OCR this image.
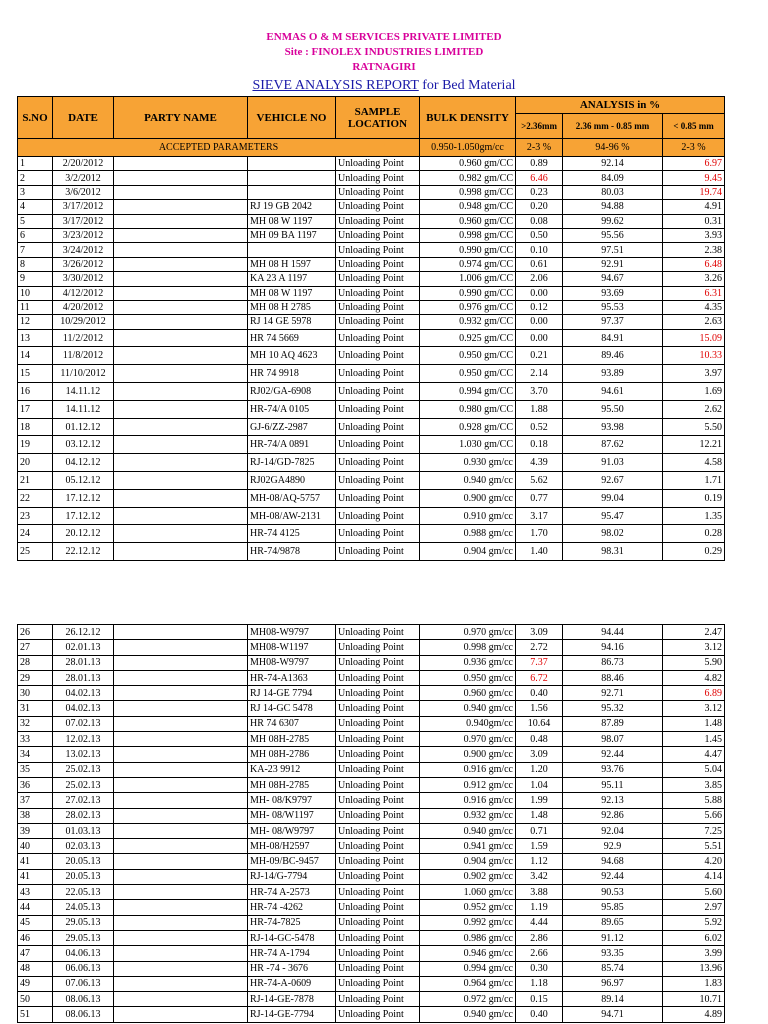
ENMAS O & M SERVICES PRIVATE LIMITED
Site : FINOLEX INDUSTRIES LIMITED
RATNAGIRI
SIEVE ANALYSIS REPORT for Bed Material
S.NO	DATE	PARTY NAME	VEHICLE NO	SAMPLE LOCATION	BULK DENSITY	ANALYSIS in %		
						>2.36mm	2.36 mm - 0.85 mm	< 0.85 mm
ACCEPTED PARAMETERS					0.950-1.050gm/cc	2-3 %	94-96 %	2-3 %
1	2/20/2012			Unloading Point	0.960 gm/CC	0.89	92.14	6.97
2	3/2/2012			Unloading Point	0.982 gm/CC	6.46	84.09	9.45
3	3/6/2012			Unloading Point	0.998 gm/CC	0.23	80.03	19.74
4	3/17/2012		RJ 19 GB 2042	Unloading Point	0.948 gm/CC	0.20	94.88	4.91
5	3/17/2012		MH 08 W 1197	Unloading Point	0.960 gm/CC	0.08	99.62	0.31
6	3/23/2012		MH 09 BA 1197	Unloading Point	0.998 gm/CC	0.50	95.56	3.93
7	3/24/2012			Unloading Point	0.990 gm/CC	0.10	97.51	2.38
8	3/26/2012		MH 08 H 1597	Unloading Point	0.974 gm/CC	0.61	92.91	6.48
9	3/30/2012		KA 23 A 1197	Unloading Point	1.006 gm/CC	2.06	94.67	3.26
10	4/12/2012		MH 08 W 1197	Unloading Point	0.990 gm/CC	0.00	93.69	6.31
11	4/20/2012		MH 08 H 2785	Unloading Point	0.976 gm/CC	0.12	95.53	4.35
12	10/29/2012		RJ 14 GE 5978	Unloading Point	0.932 gm/CC	0.00	97.37	2.63
13	11/2/2012		HR 74 5669	Unloading Point	0.925 gm/CC	0.00	84.91	15.09
14	11/8/2012		MH 10 AQ 4623	Unloading Point	0.950 gm/CC	0.21	89.46	10.33
15	11/10/2012		HR 74 9918	Unloading Point	0.950 gm/CC	2.14	93.89	3.97
16	14.11.12		RJ02/GA-6908	Unloading Point	0.994 gm/CC	3.70	94.61	1.69
17	14.11.12		HR-74/A 0105	Unloading Point	0.980 gm/CC	1.88	95.50	2.62
18	01.12.12		GJ-6/ZZ-2987	Unloading Point	0.928 gm/CC	0.52	93.98	5.50
19	03.12.12		HR-74/A 0891	Unloading Point	1.030 gm/CC	0.18	87.62	12.21
20	04.12.12		RJ-14/GD-7825	Unloading Point	0.930 gm/cc	4.39	91.03	4.58
21	05.12.12		RJ02GA4890	Unloading Point	0.940 gm/cc	5.62	92.67	1.71
22	17.12.12		MH-08/AQ-5757	Unloading Point	0.900 gm/cc	0.77	99.04	0.19
23	17.12.12		MH-08/AW-2131	Unloading Point	0.910 gm/cc	3.17	95.47	1.35
24	20.12.12		HR-74 4125	Unloading Point	0.988 gm/cc	1.70	98.02	0.28
25	22.12.12		HR-74/9878	Unloading Point	0.904 gm/cc	1.40	98.31	0.29
26	26.12.12		MH08-W9797	Unloading Point	0.970 gm/cc	3.09	94.44	2.47
27	02.01.13		MH08-W1197	Unloading Point	0.998 gm/cc	2.72	94.16	3.12
28	28.01.13		MH08-W9797	Unloading Point	0.936 gm/cc	7.37	86.73	5.90
29	28.01.13		HR-74-A1363	Unloading Point	0.950 gm/cc	6.72	88.46	4.82
30	04.02.13		RJ 14-GE 7794	Unloading Point	0.960 gm/cc	0.40	92.71	6.89
31	04.02.13		RJ 14-GC 5478	Unloading Point	0.940 gm/cc	1.56	95.32	3.12
32	07.02.13		HR 74 6307	Unloading Point	0.940gm/cc	10.64	87.89	1.48
33	12.02.13		MH 08H-2785	Unloading Point	0.970 gm/cc	0.48	98.07	1.45
34	13.02.13		MH 08H-2786	Unloading Point	0.900 gm/cc	3.09	92.44	4.47
35	25.02.13		KA-23 9912	Unloading Point	0.916 gm/cc	1.20	93.76	5.04
36	25.02.13		MH 08H-2785	Unloading Point	0.912 gm/cc	1.04	95.11	3.85
37	27.02.13		MH- 08/K9797	Unloading Point	0.916 gm/cc	1.99	92.13	5.88
38	28.02.13		MH- 08/W1197	Unloading Point	0.932 gm/cc	1.48	92.86	5.66
39	01.03.13		MH- 08/W9797	Unloading Point	0.940 gm/cc	0.71	92.04	7.25
40	02.03.13		MH-08/H2597	Unloading Point	0.941 gm/cc	1.59	92.9	5.51
41	20.05.13		MH-09/BC-9457	Unloading Point	0.904 gm/cc	1.12	94.68	4.20
41	20.05.13		RJ-14/G-7794	Unloading Point	0.902 gm/cc	3.42	92.44	4.14
43	22.05.13		HR-74 A-2573	Unloading Point	1.060 gm/cc	3.88	90.53	5.60
44	24.05.13		HR-74 -4262	Unloading Point	0.952 gm/cc	1.19	95.85	2.97
45	29.05.13		HR-74-7825	Unloading Point	0.992 gm/cc	4.44	89.65	5.92
46	29.05.13		RJ-14-GC-5478	Unloading Point	0.986 gm/cc	2.86	91.12	6.02
47	04.06.13		HR-74 A-1794	Unloading Point	0.946 gm/cc	2.66	93.35	3.99
48	06.06.13		HR -74 - 3676	Unloading Point	0.994 gm/cc	0.30	85.74	13.96
49	07.06.13		HR-74-A-0609	Unloading Point	0.964 gm/cc	1.18	96.97	1.83
50	08.06.13		RJ-14-GE-7878	Unloading Point	0.972 gm/cc	0.15	89.14	10.71
51	08.06.13		RJ-14-GE-7794	Unloading Point	0.940 gm/cc	0.40	94.71	4.89
